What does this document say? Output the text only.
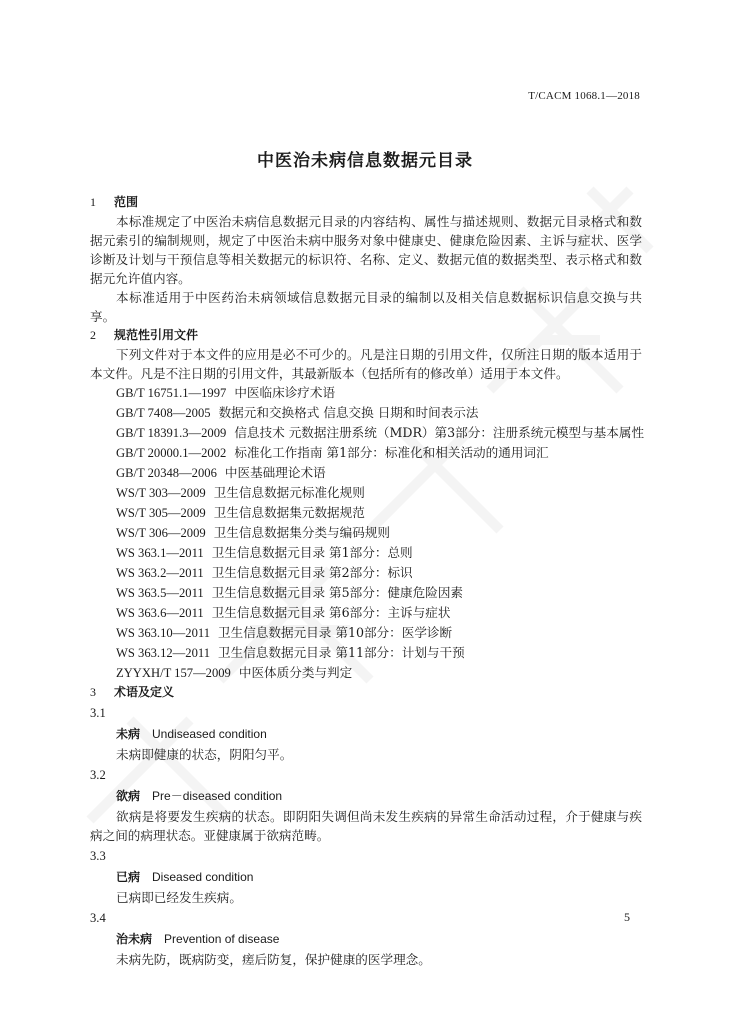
T/CACM 1068.1—2018
中医治未病信息数据元目录
1 范围

本标准规定了中医治未病信息数据元目录的内容结构、属性与描述规则、数据元目录格式和数据元索引的编制规则，规定了中医治未病中服务对象中健康史、健康危险因素、主诉与症状、医学诊断及计划与干预信息等相关数据元的标识符、名称、定义、数据元值的数据类型、表示格式和数据元允许值内容。

本标准适用于中医药治未病领域信息数据元目录的编制以及相关信息数据标识信息交换与共享。

2 规范性引用文件

下列文件对于本文件的应用是必不可少的。凡是注日期的引用文件，仅所注日期的版本适用于本文件。凡是不注日期的引用文件，其最新版本（包括所有的修改单）适用于本文件。

GB/T 16751.1—1997 中医临床诊疗术语
GB/T 7408—2005 数据元和交换格式 信息交换 日期和时间表示法
GB/T 18391.3—2009 信息技术 元数据注册系统（MDR）第3部分：注册系统元模型与基本属性
GB/T 20000.1—2002 标准化工作指南 第1部分：标准化和相关活动的通用词汇
GB/T 20348—2006 中医基础理论术语
WS/T 303—2009 卫生信息数据元标准化规则
WS/T 305—2009 卫生信息数据集元数据规范
WS/T 306—2009 卫生信息数据集分类与编码规则
WS 363.1—2011 卫生信息数据元目录 第1部分：总则
WS 363.2—2011 卫生信息数据元目录 第2部分：标识
WS 363.5—2011 卫生信息数据元目录 第5部分：健康危险因素
WS 363.6—2011 卫生信息数据元目录 第6部分：主诉与症状
WS 363.10—2011 卫生信息数据元目录 第10部分：医学诊断
WS 363.12—2011 卫生信息数据元目录 第11部分：计划与干预
ZYYXH/T 157—2009 中医体质分类与判定
3 术语及定义
3.1
未病 Undiseased condition
未病即健康的状态，阴阳匀平。
3.2
欲病 Pre－diseased condition
欲病是将要发生疾病的状态。即阴阳失调但尚未发生疾病的异常生命活动过程，介于健康与疾病之间的病理状态。亚健康属于欲病范畴。
3.3
已病 Diseased condition
已病即已经发生疾病。
3.4
治未病 Prevention of disease
未病先防，既病防变，瘥后防复，保护健康的医学理念。
5
